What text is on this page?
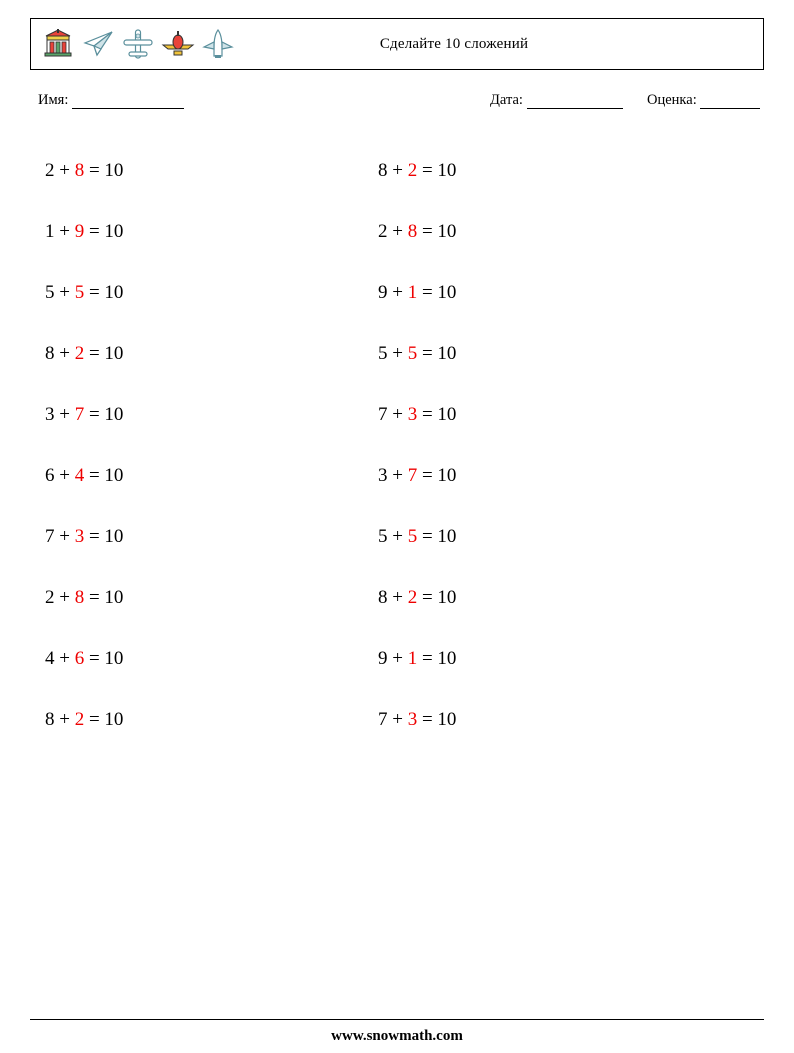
Сделайте 10 сложений
Имя:	Дата:	Оценка:
2 + 8 = 10
1 + 9 = 10
5 + 5 = 10
8 + 2 = 10
3 + 7 = 10
6 + 4 = 10
7 + 3 = 10
2 + 8 = 10
4 + 6 = 10
8 + 2 = 10
8 + 2 = 10
2 + 8 = 10
9 + 1 = 10
5 + 5 = 10
7 + 3 = 10
3 + 7 = 10
5 + 5 = 10
8 + 2 = 10
9 + 1 = 10
7 + 3 = 10
www.snowmath.com
